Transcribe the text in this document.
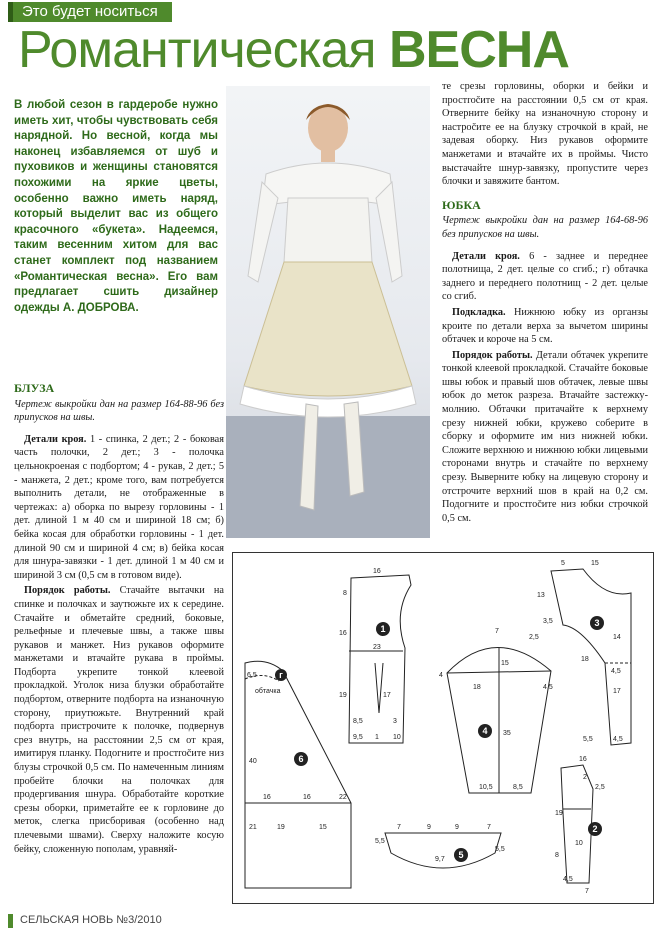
Это будет носиться
Романтическая ВЕСНА
В любой сезон в гардеробе нужно иметь хит, чтобы чувствовать себя нарядной. Но весной, когда мы наконец избавляемся от шуб и пуховиков и женщины становятся похожими на яркие цветы, особенно важно иметь наряд, который выделит вас из общего красочного «букета». Надеемся, таким весенним хитом для вас станет комплект под названием «Романтическая весна». Его вам предлагает сшить дизайнер одежды А. ДОБРОВА.

БЛУЗА

Чертеж выкройки дан на размер 164-88-96 без припусков на швы.

Детали кроя. 1 - спинка, 2 дет.; 2 - боковая часть полочки, 2 дет.; 3 - полочка цельнокроеная с подбортом; 4 - рукав, 2 дет.; 5 - манжета, 2 дет.; кроме того, вам потребуется выполнить детали, не отображенные в чертежах: а) оборка по вырезу горловины - 1 дет. длиной 1 м 40 см и шириной 18 см; б) бейка косая для обработки горловины - 1 дет. длиной 90 см и шириной 4 см; в) бейка косая для шнура-завязки - 1 дет. длиной 1 м 40 см и шириной 3 см (0,5 см в готовом виде).

Порядок работы. Стачайте вытачки на спинке и полочках и заутюжьте их к середине. Стачайте и обметайте средний, боковые, рельефные и плечевые швы, а также швы рукавов и манжет. Низ рукавов оформите манжетами и втачайте рукава в проймы. Подборта укрепите тонкой клеевой прокладкой. Уголок низа блузки обработайте подбортом, отверните подборта на изнаночную сторону, приутюжьте. Внутренний край подборта пристрочите к полочке, подвернув срез внутрь, на расстоянии 2,5 см от края, имитируя планку. Подогните и простročите низ блузы строчкой 0,5 см. По намеченным линиям пробейте блочки на полочках для продергивания шнура. Обработайте короткие срезы оборки, приметайте ее к горловине до меток, слегка присборивая (особенно над плечевыми швами). Сверху наложите косую бейку, сложенную пополам, уравняй-

те срезы горловины, оборки и бейки и простročите на расстоянии 0,5 см от края. Отверните бейку на изнаночную сторону и настроčите ее на блузку строчкой в край, не задевая оборку. Низ рукавов оформите манжетами и втачайте их в проймы. Чисто выстачайте шнур-завязку, пропустите через блочки и завяжите бантом.

ЮБКА

Чертеж выкройки дан на размер 164-68-96 без припусков на швы.

Детали кроя. 6 - заднее и переднее полотнища, 2 дет. целые со сгиб.; г) обтачка заднего и переднего полотнищ - 2 дет. целые со сгиб.

Подкладка. Нижнюю юбку из органзы кроите по детали верха за вычетом ширины обтачек и короче на 5 см.

Порядок работы. Детали обтачек укрепите тонкой клеевой прокладкой. Стачайте боковые швы юбок и правый шов обтачек, левые швы юбок до меток разреза. Втачайте застежку-молнию. Обтачки притачайте к верхнему срезу нижней юбки, кружево соберите в сборку и оформите им низ нижней юбки. Сложите верхнюю и нижнюю юбки лицевыми сторонами внутрь и стачайте по верхнему срезу. Выверните юбку на лицевую сторону и отстрочите верхний шов в край на 0,2 см. Подогните и простročите низ юбки строчкой 0,5 см.

1
3
4
6
5
2
г
16
8
16
23
19	17
8,5	3
9,5 1 10
5	15
3,5
13
14
18
4,5
17
5,5	4,5
7
2,5
15
4
4,5
18
35
10,5	8,5
6,5
обтачка
40
16	16	22
21	19	15	7	9	9	7
5,5
9,7
5,5
2,5
19
10
8
4,5
7
16
2
СЕЛЬСКАЯ НОВЬ №3/2010
